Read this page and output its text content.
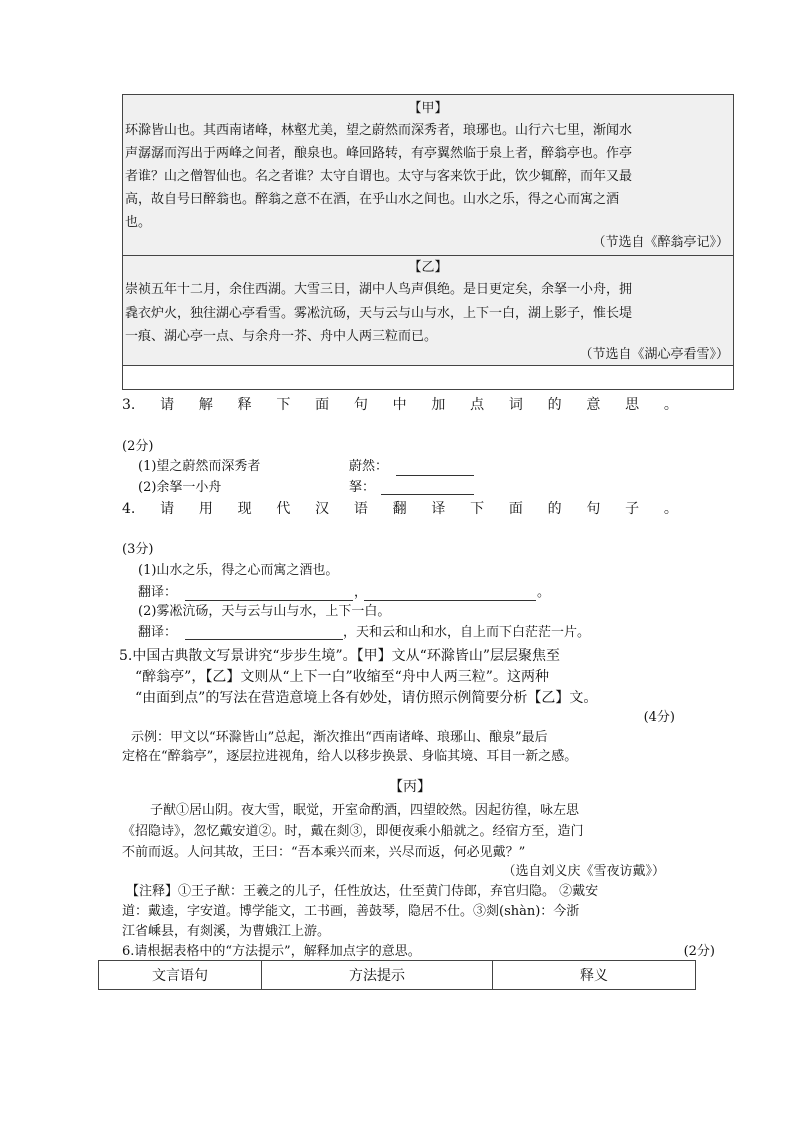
【甲】
环滁皆山也。其西南诸峰，林壑尤美，望之蔚然而深秀者，琅琊也。山行六七里，渐闻水
声潺潺而泻出于两峰之间者，酿泉也。峰回路转，有亭翼然临于泉上者，醉翁亭也。作亭
者谁？山之僧智仙也。名之者谁？太守自谓也。太守与客来饮于此，饮少辄醉，而年又最
高，故自号曰醉翁也。醉翁之意不在酒，在乎山水之间也。山水之乐，得之心而寓之酒
也。
（节选自《醉翁亭记》）
【乙】
崇祯五年十二月，余住西湖。大雪三日，湖中人鸟声俱绝。是日更定矣，余拏一小舟，拥
毳衣炉火，独往湖心亭看雪。雾凇沆砀，天与云与山与水，上下一白，湖上影子，惟长堤
一痕、湖心亭一点、与余舟一芥、舟中人两三粒而已。
（节选自《湖心亭看雪》）
3. 请 解 释 下 面 句 中 加 点 词 的 意 思 。
(2分)
(1)望之蔚然而深秀者	蔚然：
(2)余拏一小舟	拏：
4. 请 用 现 代 汉 语 翻 译 下 面 的 句 子 。
(3分)
(1)山水之乐，得之心而寓之酒也。
翻译：	，	。
(2)雾凇沆砀，天与云与山与水，上下一白。
翻译：	，天和云和山和水，自上而下白茫茫一片。
5.中国古典散文写景讲究“步步生境”。【甲】文从“环滁皆山”层层聚焦至
“醉翁亭”，【乙】文则从“上下一白”收缩至“舟中人两三粒”。这两种
“由面到点”的写法在营造意境上各有妙处，请仿照示例简要分析【乙】文。
(4分)
示例：甲文以“环滁皆山”总起，渐次推出“西南诸峰、琅琊山、酿泉”最后
定格在“醉翁亭”，逐层拉进视角，给人以移步换景、身临其境、耳目一新之感。
【丙】
子猷①居山阴。夜大雪，眠觉，开室命酌酒，四望皎然。因起彷徨，咏左思
《招隐诗》，忽忆戴安道②。时，戴在剡③，即便夜乘小船就之。经宿方至，造门
不前而返。人问其故，王曰：“吾本乘兴而来，兴尽而返，何必见戴？”
（选自刘义庆《雪夜访戴》）
【注释】①王子猷：王羲之的儿子，任性放达，仕至黄门侍郎，弃官归隐。 ②戴安
道：戴逵，字安道。博学能文，工书画，善鼓琴，隐居不仕。③剡(shàn)：今浙
江省嵊县，有剡溪，为曹娥江上游。
6.请根据表格中的“方法提示”，解释加点字的意思。	(2分)
文言语句	方法提示	释义
